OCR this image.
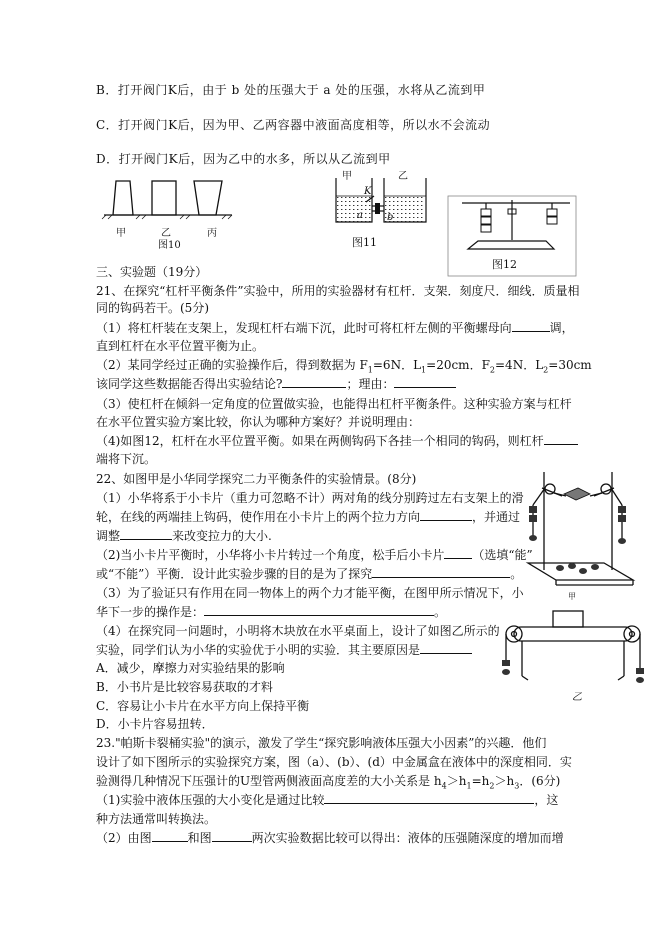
B．打开阀门K后，由于 b 处的压强大于 a 处的压强，水将从乙流到甲
C．打开阀门K后，因为甲、乙两容器中液面高度相等，所以水不会流动
D．打开阀门K后，因为乙中的水多，所以从乙流到甲
甲	乙	丙
图10
甲	乙
K
a b
图11
图12
三、实验题（19分）
21、在探究“杠杆平衡条件”实验中，所用的实验器材有杠杆．支架．刻度尺．细线．质量相
同的钩码若干。(5分)
（1）将杠杆装在支架上，发现杠杆右端下沉，此时可将杠杆左侧的平衡螺母向	调，
直到杠杆在水平位置平衡为止。
（2）某同学经过正确的实验操作后，得到数据为 $F_1=6N$．$L_1=20cm$．$F_2=4N$．$L_2=30cm$
该同学这些数据能否得出实验结论?	；理由：
（3）使杠杆在倾斜一定角度的位置做实验，也能得出杠杆平衡条件。这种实验方案与杠杆
在水平位置实验方案比较，你认为哪种方案好？并说明理由：
（4)如图12，杠杆在水平位置平衡。如果在两侧钩码下各挂一个相同的钩码，则杠杆
端将下沉。
22、如图甲是小华同学探究二力平衡条件的实验情景。(8分)
（1）小华将系于小卡片（重力可忽略不计）两对角的线分别跨过左右支架上的滑
轮，在线的两端挂上钩码，使作用在小卡片上的两个拉力方向	，并通过
调整	来改变拉力的大小.
（2)当小卡片平衡时，小华将小卡片转过一个角度，松手后小卡片 （选填“能”
或“不能”）平衡．设计此实验步骤的目的是为了探究	。
（3）为了验证只有作用在同一物体上的两个力才能平衡，在图甲所示情况下，小
华下一步的操作是：	。
（4）在探究同一问题时，小明将木块放在水平桌面上，设计了如图乙所示的
实验，同学们认为小华的实验优于小明的实验．其主要原因是
A．减少，摩擦力对实验结果的影响
B．小书片是比较容易获取的才料
C．容易让小卡片在水平方向上保持平衡
D．小卡片容易扭转．
甲
乙
23."帕斯卡裂桶实验"的演示，激发了学生“探究影响液体压强大小因素”的兴趣．他们
设计了如下图所示的实验探究方案，图（a）、(b）、(d）中金属盒在液体中的深度相同．实
验测得几种情况下压强计的U型管两侧液面高度差的大小关系是 $h_4>h_1=h_2>h_3$．(6分)
（1)实验中液体压强的大小变化是通过比较	，这
种方法通常叫转换法。
（2）由图	和图	两次实验数据比较可以得出：液体的压强随深度的增加而增
